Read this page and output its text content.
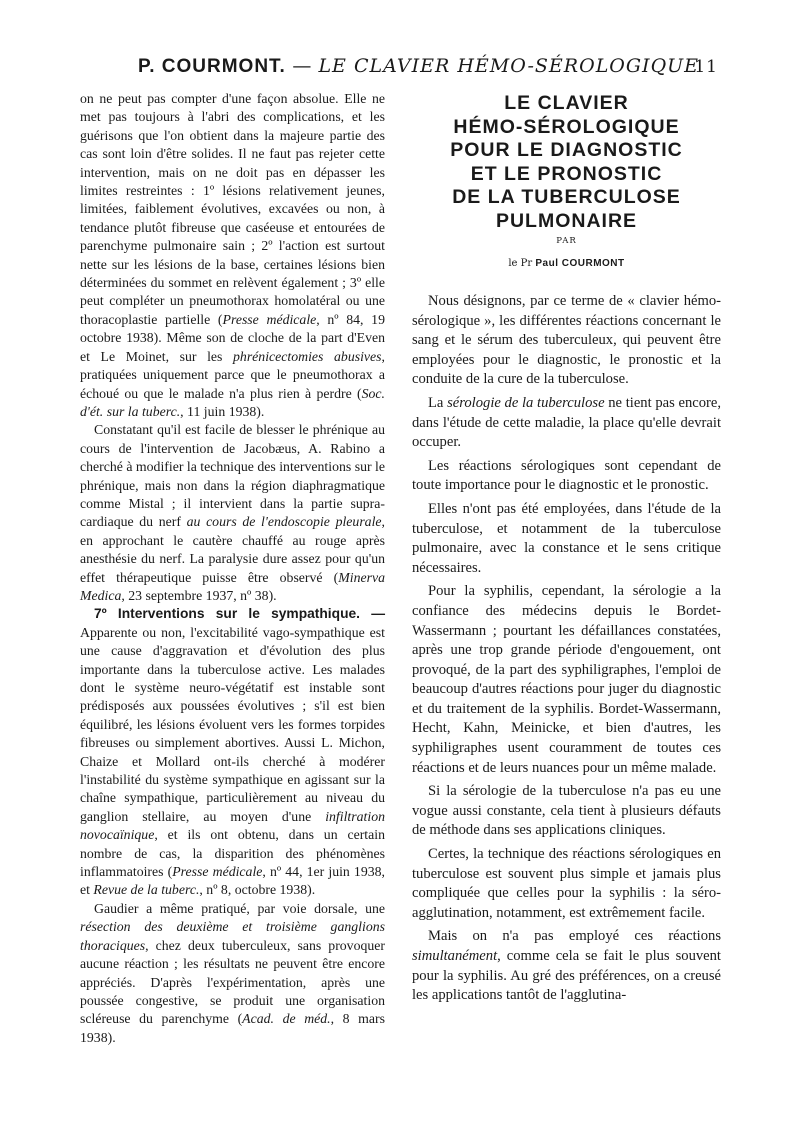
P. COURMONT. — LE CLAVIER HÉMO-SÉROLOGIQUE
11

on ne peut pas compter d'une façon absolue. Elle ne met pas toujours à l'abri des complications, et les guérisons que l'on obtient dans la majeure partie des cas sont loin d'être solides. Il ne faut pas rejeter cette intervention, mais on ne doit pas en dépasser les limites restreintes : 1º lésions relativement jeunes, limitées, faiblement évolutives, excavées ou non, à tendance plutôt fibreuse que caséeuse et entourées de parenchyme pulmonaire sain ; 2º l'action est surtout nette sur les lésions de la base, certaines lésions bien déterminées du sommet en relèvent également ; 3º elle peut compléter un pneumothorax homolatéral ou une thoracoplastie partielle (Presse médicale, nº 84, 19 octobre 1938). Même son de cloche de la part d'Even et Le Moinet, sur les phrénicectomies abusives, pratiquées uniquement parce que le pneumothorax a échoué ou que le malade n'a plus rien à perdre (Soc. d'ét. sur la tuberc., 11 juin 1938).

Constatant qu'il est facile de blesser le phrénique au cours de l'intervention de Jacobæus, A. Rabino a cherché à modifier la technique des interventions sur le phrénique, mais non dans la région diaphragmatique comme Mistal ; il intervient dans la partie supra-cardiaque du nerf au cours de l'endoscopie pleurale, en approchant le cautère chauffé au rouge après anesthésie du nerf. La paralysie dure assez pour qu'un effet thérapeutique puisse être observé (Minerva Medica, 23 septembre 1937, nº 38).

7º Interventions sur le sympathique. — Apparente ou non, l'excitabilité vago-sympathique est une cause d'aggravation et d'évolution des plus importante dans la tuberculose active. Les malades dont le système neuro-végétatif est instable sont prédisposés aux poussées évolutives ; s'il est bien équilibré, les lésions évoluent vers les formes torpides fibreuses ou simplement abortives. Aussi L. Michon, Chaize et Mollard ont-ils cherché à modérer l'instabilité du système sympathique en agissant sur la chaîne sympathique, particulièrement au niveau du ganglion stellaire, au moyen d'une infiltration novocaïnique, et ils ont obtenu, dans un certain nombre de cas, la disparition des phénomènes inflammatoires (Presse médicale, nº 44, 1er juin 1938, et Revue de la tuberc., nº 8, octobre 1938).

Gaudier a même pratiqué, par voie dorsale, une résection des deuxième et troisième ganglions thoraciques, chez deux tuberculeux, sans provoquer aucune réaction ; les résultats ne peuvent être encore appréciés. D'après l'expérimentation, après une poussée congestive, se produit une organisation scléreuse du parenchyme (Acad. de méd., 8 mars 1938).

LE CLAVIER
HÉMO-SÉROLOGIQUE
POUR LE DIAGNOSTIC
ET LE PRONOSTIC
DE LA TUBERCULOSE
PULMONAIRE
PAR
le Pr Paul COURMONT

Nous désignons, par ce terme de « clavier hémo-sérologique », les différentes réactions concernant le sang et le sérum des tuberculeux, qui peuvent être employées pour le diagnostic, le pronostic et la conduite de la cure de la tuberculose.

La sérologie de la tuberculose ne tient pas encore, dans l'étude de cette maladie, la place qu'elle devrait occuper.

Les réactions sérologiques sont cependant de toute importance pour le diagnostic et le pronostic.

Elles n'ont pas été employées, dans l'étude de la tuberculose, et notamment de la tuberculose pulmonaire, avec la constance et le sens critique nécessaires.

Pour la syphilis, cependant, la sérologie a la confiance des médecins depuis le Bordet-Wassermann ; pourtant les défaillances constatées, après une trop grande période d'engouement, ont provoqué, de la part des syphiligraphes, l'emploi de beaucoup d'autres réactions pour juger du diagnostic et du traitement de la syphilis. Bordet-Wassermann, Hecht, Kahn, Meinicke, et bien d'autres, les syphiligraphes usent couramment de toutes ces réactions et de leurs nuances pour un même malade.

Si la sérologie de la tuberculose n'a pas eu une vogue aussi constante, cela tient à plusieurs défauts de méthode dans ses applications cliniques.

Certes, la technique des réactions sérologiques en tuberculose est souvent plus simple et jamais plus compliquée que celles pour la syphilis : la séro-agglutination, notamment, est extrêmement facile.

Mais on n'a pas employé ces réactions simultanément, comme cela se fait le plus souvent pour la syphilis. Au gré des préférences, on a creusé les applications tantôt de l'agglutina-
